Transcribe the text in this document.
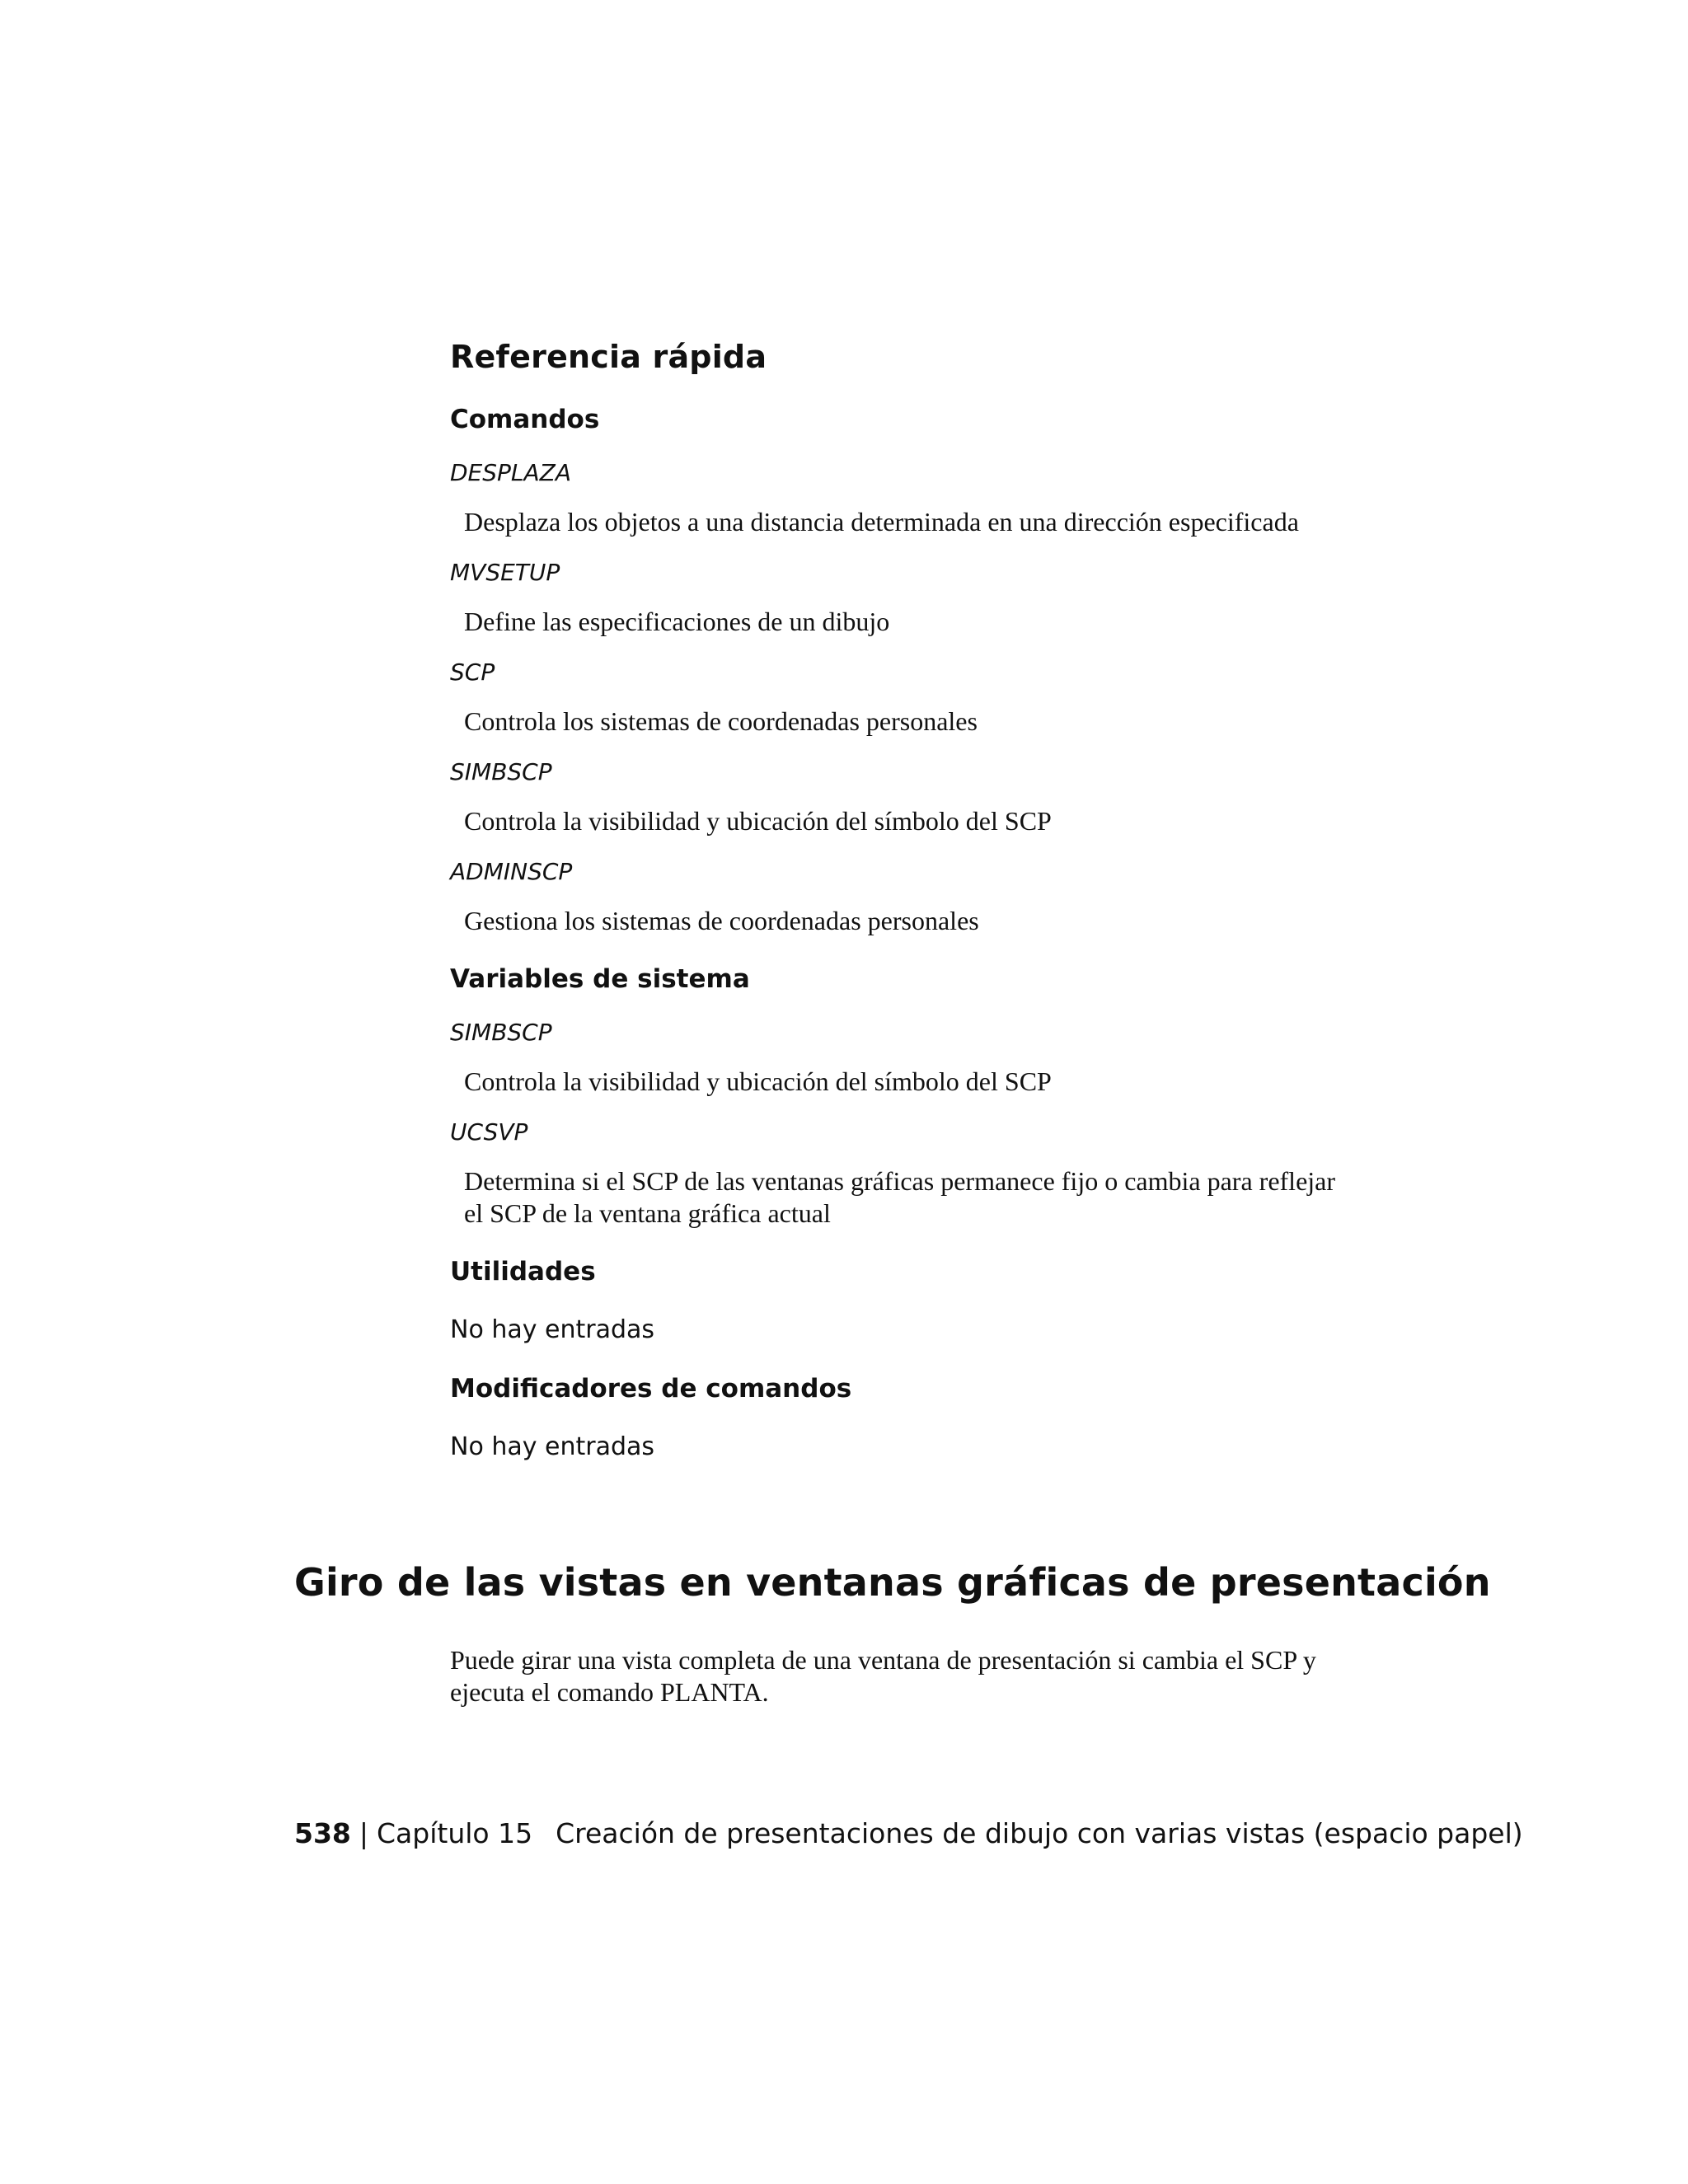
Referencia rápida
Comandos
DESPLAZA
Desplaza los objetos a una distancia determinada en una dirección especificada
MVSETUP
Define las especificaciones de un dibujo
SCP
Controla los sistemas de coordenadas personales
SIMBSCP
Controla la visibilidad y ubicación del símbolo del SCP
ADMINSCP
Gestiona los sistemas de coordenadas personales
Variables de sistema
SIMBSCP
Controla la visibilidad y ubicación del símbolo del SCP
UCSVP
Determina si el SCP de las ventanas gráficas permanece fijo o cambia para reflejar el SCP de la ventana gráfica actual
Utilidades

No hay entradas

Modificadores de comandos

No hay entradas

Giro de las vistas en ventanas gráficas de presentación

Puede girar una vista completa de una ventana de presentación si cambia el SCP y ejecuta el comando PLANTA.

538 | Capítulo 15 Creación de presentaciones de dibujo con varias vistas (espacio papel)
